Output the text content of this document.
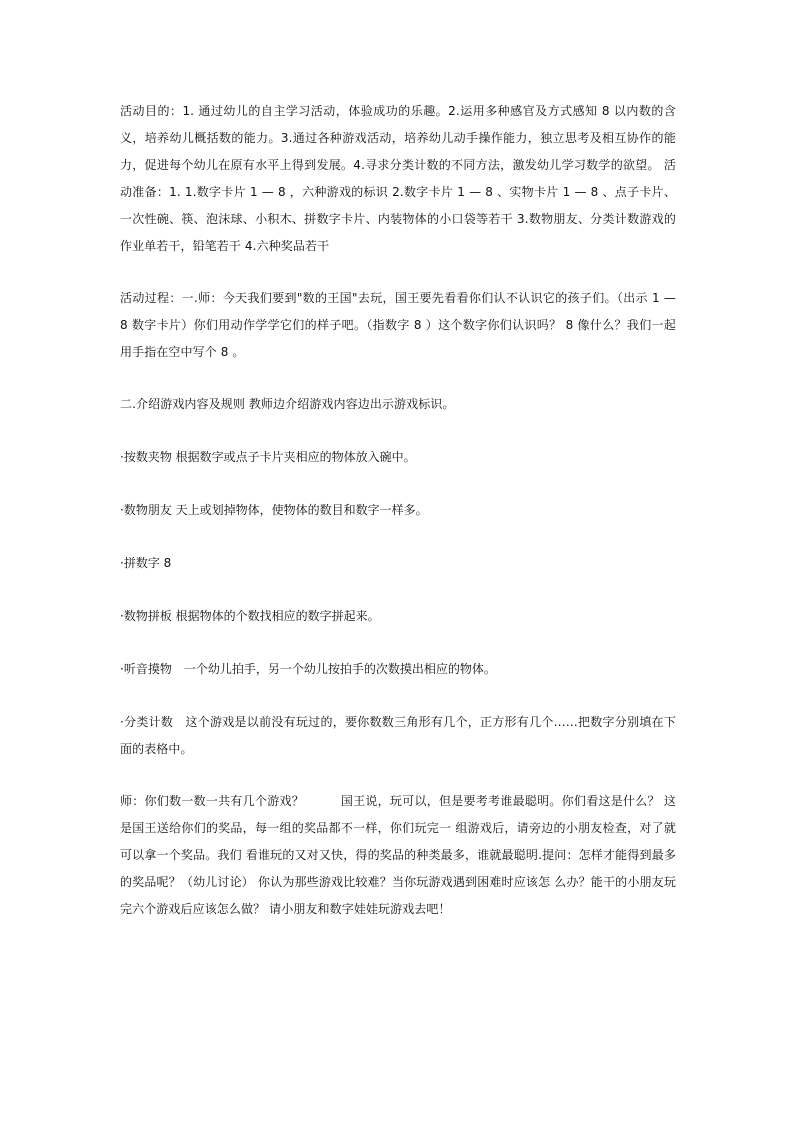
活动目的：1. 通过幼儿的自主学习活动，体验成功的乐趣。2.运用多种感官及方式感知 8 以内数的含义，培养幼儿概括数的能力。3.通过各种游戏活动，培养幼儿动手操作能力，独立思考及相互协作的能力，促进每个幼儿在原有水平上得到发展。4.寻求分类计数的不同方法，激发幼儿学习数学的欲望。 活动准备：1. 1.数字卡片 1 — 8 ，六种游戏的标识 2.数字卡片 1 — 8 、实物卡片 1 — 8 、点子卡片、一次性碗、筷、泡沫球、小积木、拼数字卡片、内装物体的小口袋等若干 3.数物朋友、分类计数游戏的作业单若干，铅笔若干 4.六种奖品若干

活动过程：一.师：今天我们要到"数的王国"去玩，国王要先看看你们认不认识它的孩子们。（出示 1 — 8 数字卡片）你们用动作学学它们的样子吧。（指数字 8 ）这个数字你们认识吗？ 8 像什么？我们一起用手指在空中写个 8 。

二.介绍游戏内容及规则 教师边介绍游戏内容边出示游戏标识。

·按数夹物 根据数字或点子卡片夹相应的物体放入碗中。

·数物朋友 天上或划掉物体，使物体的数目和数字一样多。

·拼数字 8

·数物拼板 根据物体的个数找相应的数字拼起来。

·听音摸物　一个幼儿拍手，另一个幼儿按拍手的次数摸出相应的物体。

·分类计数　这个游戏是以前没有玩过的，要你数数三角形有几个，正方形有几个……把数字分别填在下面的表格中。

师：你们数一数一共有几个游戏？　　　国王说，玩可以，但是要考考谁最聪明。你们看这是什么？ 这是国王送给你们的奖品，每一组的奖品都不一样，你们玩完一 组游戏后，请旁边的小朋友检查，对了就可以拿一个奖品。我们 看谁玩的又对又快，得的奖品的种类最多，谁就最聪明.提问：怎样才能得到最多的奖品呢？（幼儿讨论） 你认为那些游戏比较难？当你玩游戏遇到困难时应该怎 么办？能干的小朋友玩完六个游戏后应该怎么做？ 请小朋友和数字娃娃玩游戏去吧！
